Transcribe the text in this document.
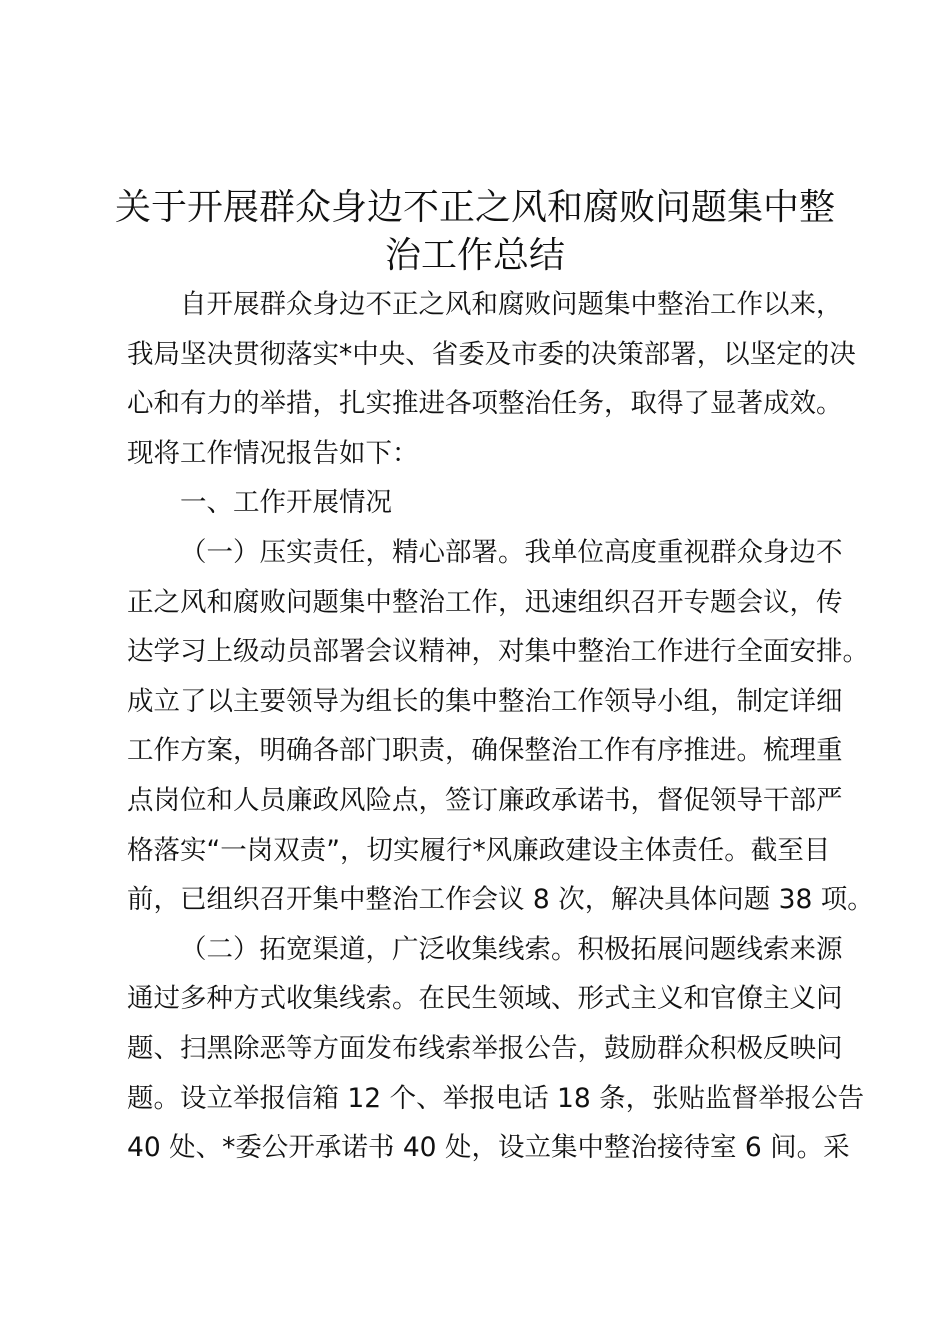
关于开展群众身边不正之风和腐败问题集中整
治工作总结
自开展群众身边不正之风和腐败问题集中整治工作以来，
我局坚决贯彻落实*中央、省委及市委的决策部署，以坚定的决
心和有力的举措，扎实推进各项整治任务，取得了显著成效。
现将工作情况报告如下：
一、工作开展情况
（一）压实责任，精心部署。我单位高度重视群众身边不
正之风和腐败问题集中整治工作，迅速组织召开专题会议，传
达学习上级动员部署会议精神，对集中整治工作进行全面安排。
成立了以主要领导为组长的集中整治工作领导小组，制定详细
工作方案，明确各部门职责，确保整治工作有序推进。梳理重
点岗位和人员廉政风险点，签订廉政承诺书，督促领导干部严
格落实“一岗双责”，切实履行*风廉政建设主体责任。截至目
前，已组织召开集中整治工作会议 8 次，解决具体问题 38 项。
（二）拓宽渠道，广泛收集线索。积极拓展问题线索来源
通过多种方式收集线索。在民生领域、形式主义和官僚主义问
题、扫黑除恶等方面发布线索举报公告，鼓励群众积极反映问
题。设立举报信箱 12 个、举报电话 18 条，张贴监督举报公告
40 处、*委公开承诺书 40 处，设立集中整治接待室 6 间。采
